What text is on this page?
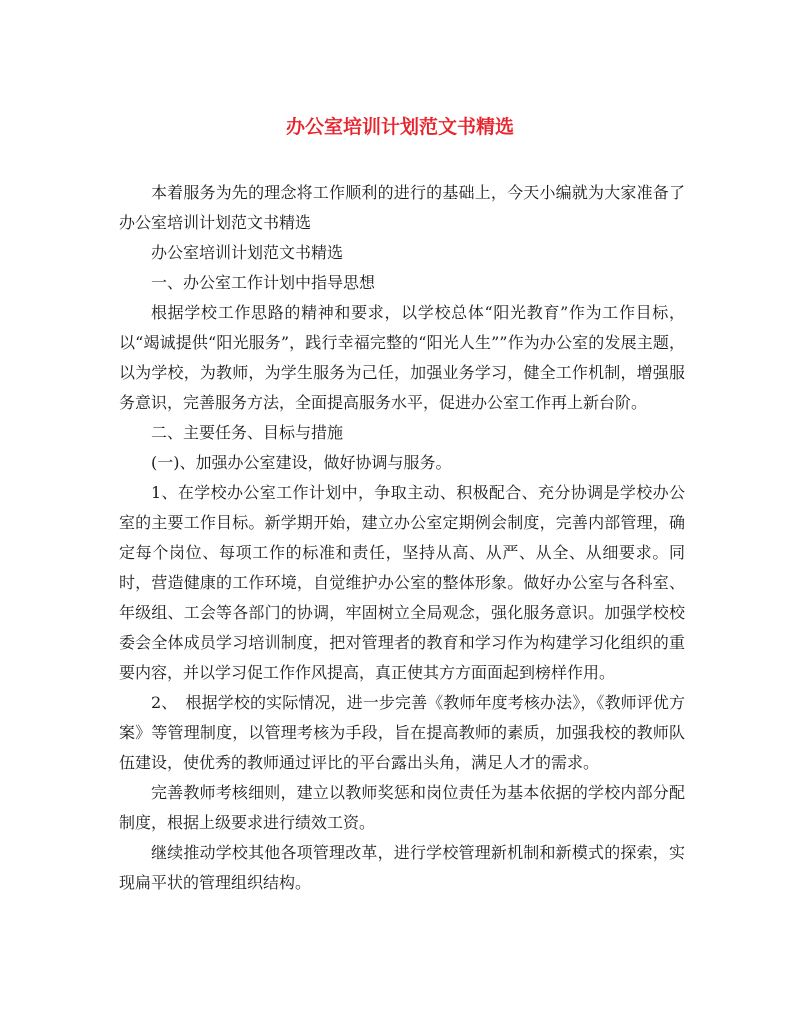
办公室培训计划范文书精选

本着服务为先的理念将工作顺利的进行的基础上，今天小编就为大家准备了办公室培训计划范文书精选

办公室培训计划范文书精选

一、办公室工作计划中指导思想

根据学校工作思路的精神和要求，以学校总体“阳光教育”作为工作目标，以“竭诚提供“阳光服务”，践行幸福完整的“阳光人生””作为办公室的发展主题，以为学校，为教师，为学生服务为己任，加强业务学习，健全工作机制，增强服务意识，完善服务方法，全面提高服务水平，促进办公室工作再上新台阶。

二、主要任务、目标与措施

(一)、加强办公室建设，做好协调与服务。

1、在学校办公室工作计划中，争取主动、积极配合、充分协调是学校办公室的主要工作目标。新学期开始，建立办公室定期例会制度，完善内部管理，确定每个岗位、每项工作的标准和责任，坚持从高、从严、从全、从细要求。同时，营造健康的工作环境，自觉维护办公室的整体形象。做好办公室与各科室、年级组、工会等各部门的协调，牢固树立全局观念，强化服务意识。加强学校校委会全体成员学习培训制度，把对管理者的教育和学习作为构建学习化组织的重要内容，并以学习促工作作风提高，真正使其方方面面起到榜样作用。

2、　根据学校的实际情况，进一步完善《教师年度考核办法》，《教师评优方案》等管理制度，以管理考核为手段，旨在提高教师的素质，加强我校的教师队伍建设，使优秀的教师通过评比的平台露出头角，满足人才的需求。

完善教师考核细则，建立以教师奖惩和岗位责任为基本依据的学校内部分配制度，根据上级要求进行绩效工资。

继续推动学校其他各项管理改革，进行学校管理新机制和新模式的探索，实现扁平状的管理组织结构。
